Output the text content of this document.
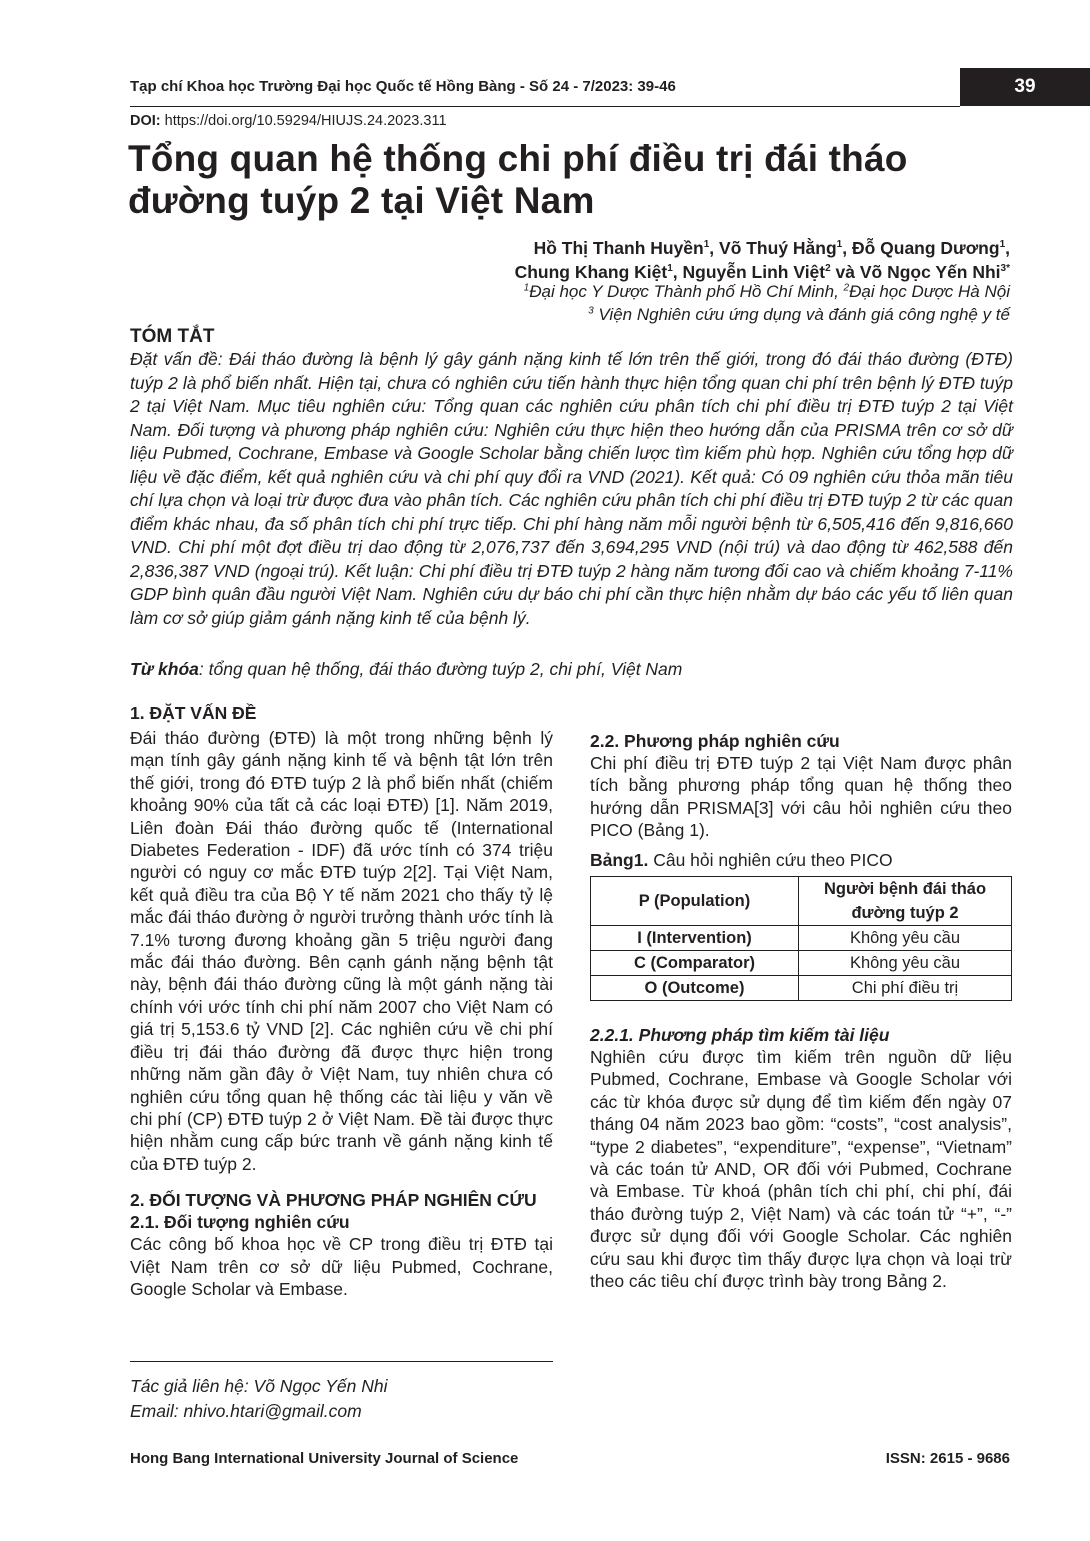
Tạp chí Khoa học Trường Đại học Quốc tế Hồng Bàng - Số 24 - 7/2023: 39-46	39
DOI: https://doi.org/10.59294/HIUJS.24.2023.311
Tổng quan hệ thống chi phí điều trị đái tháo
đường tuýp 2 tại Việt Nam
Hồ Thị Thanh Huyền$^1$, Võ Thuý Hằng$^1$, Đỗ Quang Dương$^1$,
Chung Khang Kiệt$^1$, Nguyễn Linh Việt$^2$ và Võ Ngọc Yến Nhi$^{3*}$
$^1$Đại học Y Dược Thành phố Hồ Chí Minh, $^2$Đại học Dược Hà Nội
$^3$ Viện Nghiên cứu ứng dụng và đánh giá công nghệ y tế
TÓM TẮT
Đặt vấn đề: Đái tháo đường là bệnh lý gây gánh nặng kinh tế lớn trên thế giới, trong đó đái tháo đường (ĐTĐ) tuýp 2 là phổ biến nhất. Hiện tại, chưa có nghiên cứu tiến hành thực hiện tổng quan chi phí trên bệnh lý ĐTĐ tuýp 2 tại Việt Nam. Mục tiêu nghiên cứu: Tổng quan các nghiên cứu phân tích chi phí điều trị ĐTĐ tuýp 2 tại Việt Nam. Đối tượng và phương pháp nghiên cứu: Nghiên cứu thực hiện theo hướng dẫn của PRISMA trên cơ sở dữ liệu Pubmed, Cochrane, Embase và Google Scholar bằng chiến lược tìm kiếm phù hợp. Nghiên cứu tổng hợp dữ liệu về đặc điểm, kết quả nghiên cứu và chi phí quy đổi ra VND (2021). Kết quả: Có 09 nghiên cứu thỏa mãn tiêu chí lựa chọn và loại trừ được đưa vào phân tích. Các nghiên cứu phân tích chi phí điều trị ĐTĐ tuýp 2 từ các quan điểm khác nhau, đa số phân tích chi phí trực tiếp. Chi phí hàng năm mỗi người bệnh từ 6,505,416 đến 9,816,660 VND. Chi phí một đợt điều trị dao động từ 2,076,737 đến 3,694,295 VND (nội trú) và dao động từ 462,588 đến 2,836,387 VND (ngoại trú). Kết luận: Chi phí điều trị ĐTĐ tuýp 2 hàng năm tương đối cao và chiếm khoảng 7-11% GDP bình quân đầu người Việt Nam. Nghiên cứu dự báo chi phí cần thực hiện nhằm dự báo các yếu tố liên quan làm cơ sở giúp giảm gánh nặng kinh tế của bệnh lý.
Từ khóa: tổng quan hệ thống, đái tháo đường tuýp 2, chi phí, Việt Nam
1. ĐẶT VẤN ĐỀ
Đái tháo đường (ĐTĐ) là một trong những bệnh lý mạn tính gây gánh nặng kinh tế và bệnh tật lớn trên thế giới, trong đó ĐTĐ tuýp 2 là phổ biến nhất (chiếm khoảng 90% của tất cả các loại ĐTĐ) [1]. Năm 2019, Liên đoàn Đái tháo đường quốc tế (International Diabetes Federation - IDF) đã ước tính có 374 triệu người có nguy cơ mắc ĐTĐ tuýp 2[2]. Tại Việt Nam, kết quả điều tra của Bộ Y tế năm 2021 cho thấy tỷ lệ mắc đái tháo đường ở người trưởng thành ước tính là 7.1% tương đương khoảng gần 5 triệu người đang mắc đái tháo đường. Bên cạnh gánh nặng bệnh tật này, bệnh đái tháo đường cũng là một gánh nặng tài chính với ước tính chi phí năm 2007 cho Việt Nam có giá trị 5,153.6 tỷ VND [2]. Các nghiên cứu về chi phí điều trị đái tháo đường đã được thực hiện trong những năm gần đây ở Việt Nam, tuy nhiên chưa có nghiên cứu tổng quan hệ thống các tài liệu y văn về chi phí (CP) ĐTĐ tuýp 2 ở Việt Nam. Đề tài được thực hiện nhằm cung cấp bức tranh về gánh nặng kinh tế của ĐTĐ tuýp 2.
2. ĐỐI TƯỢNG VÀ PHƯƠNG PHÁP NGHIÊN CỨU
2.1. Đối tượng nghiên cứu
Các công bố khoa học về CP trong điều trị ĐTĐ tại Việt Nam trên cơ sở dữ liệu Pubmed, Cochrane, Google Scholar và Embase.
Tác giả liên hệ: Võ Ngọc Yến Nhi
Email: nhivo.htari@gmail.com
2.2. Phương pháp nghiên cứu
Chi phí điều trị ĐTĐ tuýp 2 tại Việt Nam được phân tích bằng phương pháp tổng quan hệ thống theo hướng dẫn PRISMA[3] với câu hỏi nghiên cứu theo PICO (Bảng 1).
Bảng1. Câu hỏi nghiên cứu theo PICO
P (Population)	Người bệnh đái tháo đường tuýp 2
I (Intervention)	Không yêu cầu
C (Comparator)	Không yêu cầu
O (Outcome)	Chi phí điều trị
2.2.1. Phương pháp tìm kiếm tài liệu
Nghiên cứu được tìm kiếm trên nguồn dữ liệu Pubmed, Cochrane, Embase và Google Scholar với các từ khóa được sử dụng để tìm kiếm đến ngày 07 tháng 04 năm 2023 bao gồm: “costs”, “cost analysis”, “type 2 diabetes”, “expenditure”, “expense”, “Vietnam” và các toán tử AND, OR đối với Pubmed, Cochrane và Embase. Từ khoá (phân tích chi phí, chi phí, đái tháo đường tuýp 2, Việt Nam) và các toán tử “+”, “-” được sử dụng đối với Google Scholar. Các nghiên cứu sau khi được tìm thấy được lựa chọn và loại trừ theo các tiêu chí được trình bày trong Bảng 2.
Hong Bang International University Journal of Science	ISSN: 2615 - 9686
